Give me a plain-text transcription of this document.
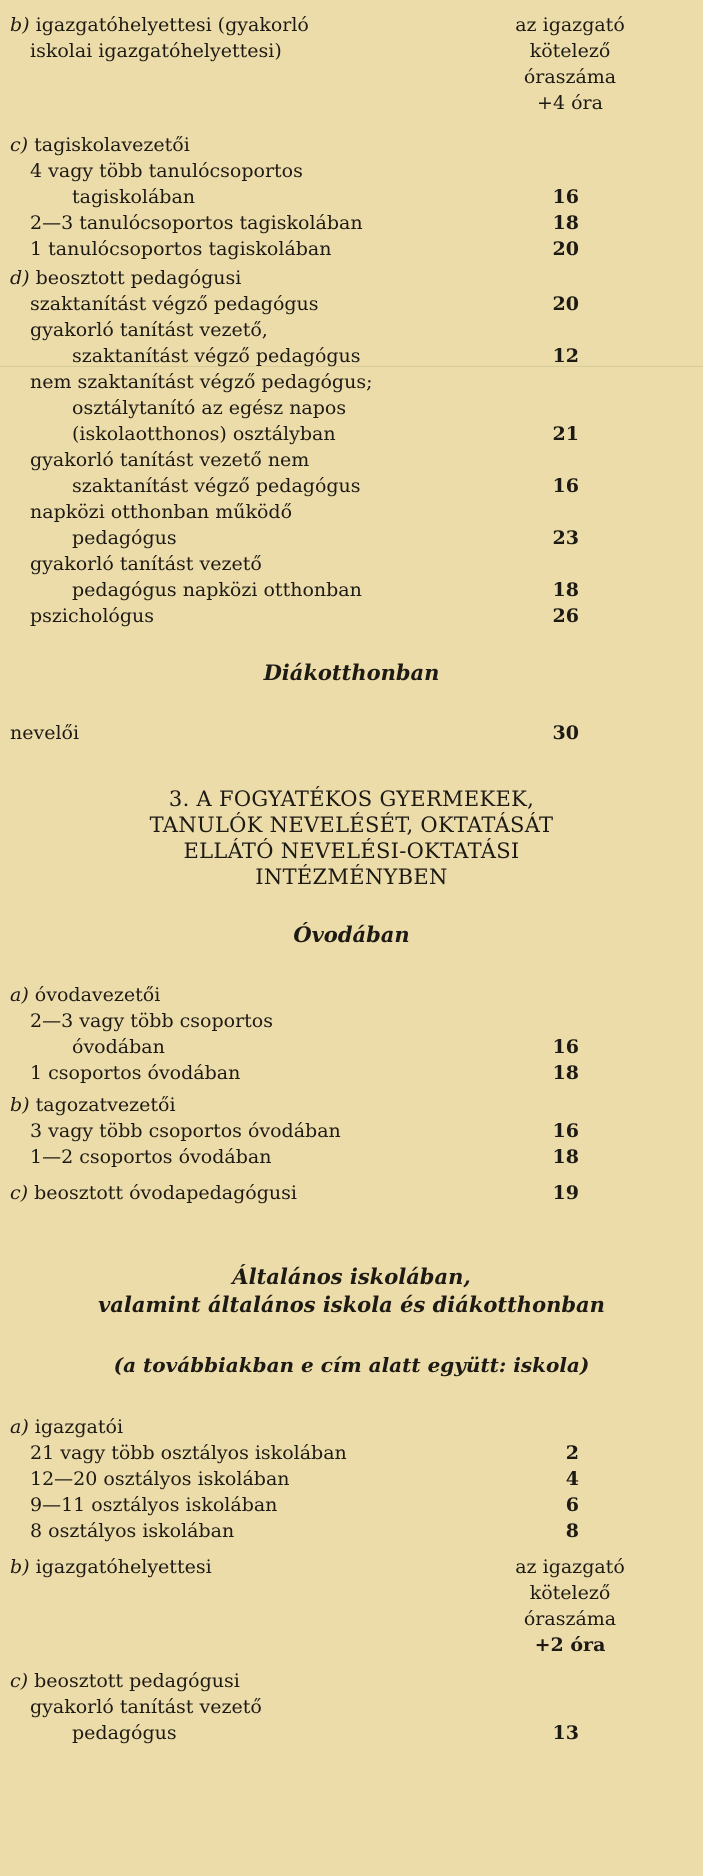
b) igazgatóhelyettesi (gyakorló	az igazgató
iskolai igazgatóhelyettesi)	kötelező
óraszáma
+4 óra
c) tagiskolavezetői
4 vagy több tanulócsoportos
tagiskolában	16
2—3 tanulócsoportos tagiskolában	18
1 tanulócsoportos tagiskolában	20
d) beosztott pedagógusi
szaktanítást végző pedagógus	20
gyakorló tanítást vezető,
szaktanítást végző pedagógus	12
nem szaktanítást végző pedagógus;
osztálytanító az egész napos
(iskolaotthonos) osztályban	21
gyakorló tanítást vezető nem
szaktanítást végző pedagógus	16
napközi otthonban működő
pedagógus	23
gyakorló tanítást vezető
pedagógus napközi otthonban	18
pszichológus	26
Diákotthonban
nevelői	30
3. A FOGYATÉKOS GYERMEKEK,
TANULÓK NEVELÉSÉT, OKTATÁSÁT
ELLÁTÓ NEVELÉSI-OKTATÁSI
INTÉZMÉNYBEN
Óvodában
a) óvodavezetői
2—3 vagy több csoportos
óvodában	16
1 csoportos óvodában	18
b) tagozatvezetői
3 vagy több csoportos óvodában	16
1—2 csoportos óvodában	18
c) beosztott óvodapedagógusi	19
Általános iskolában,
valamint általános iskola és diákotthonban
(a továbbiakban e cím alatt együtt: iskola)
a) igazgatói
21 vagy több osztályos iskolában	2
12—20 osztályos iskolában	4
9—11 osztályos iskolában	6
8 osztályos iskolában	8
b) igazgatóhelyettesi	az igazgató
kötelező
óraszáma
+2 óra
c) beosztott pedagógusi
gyakorló tanítást vezető
pedagógus	13
